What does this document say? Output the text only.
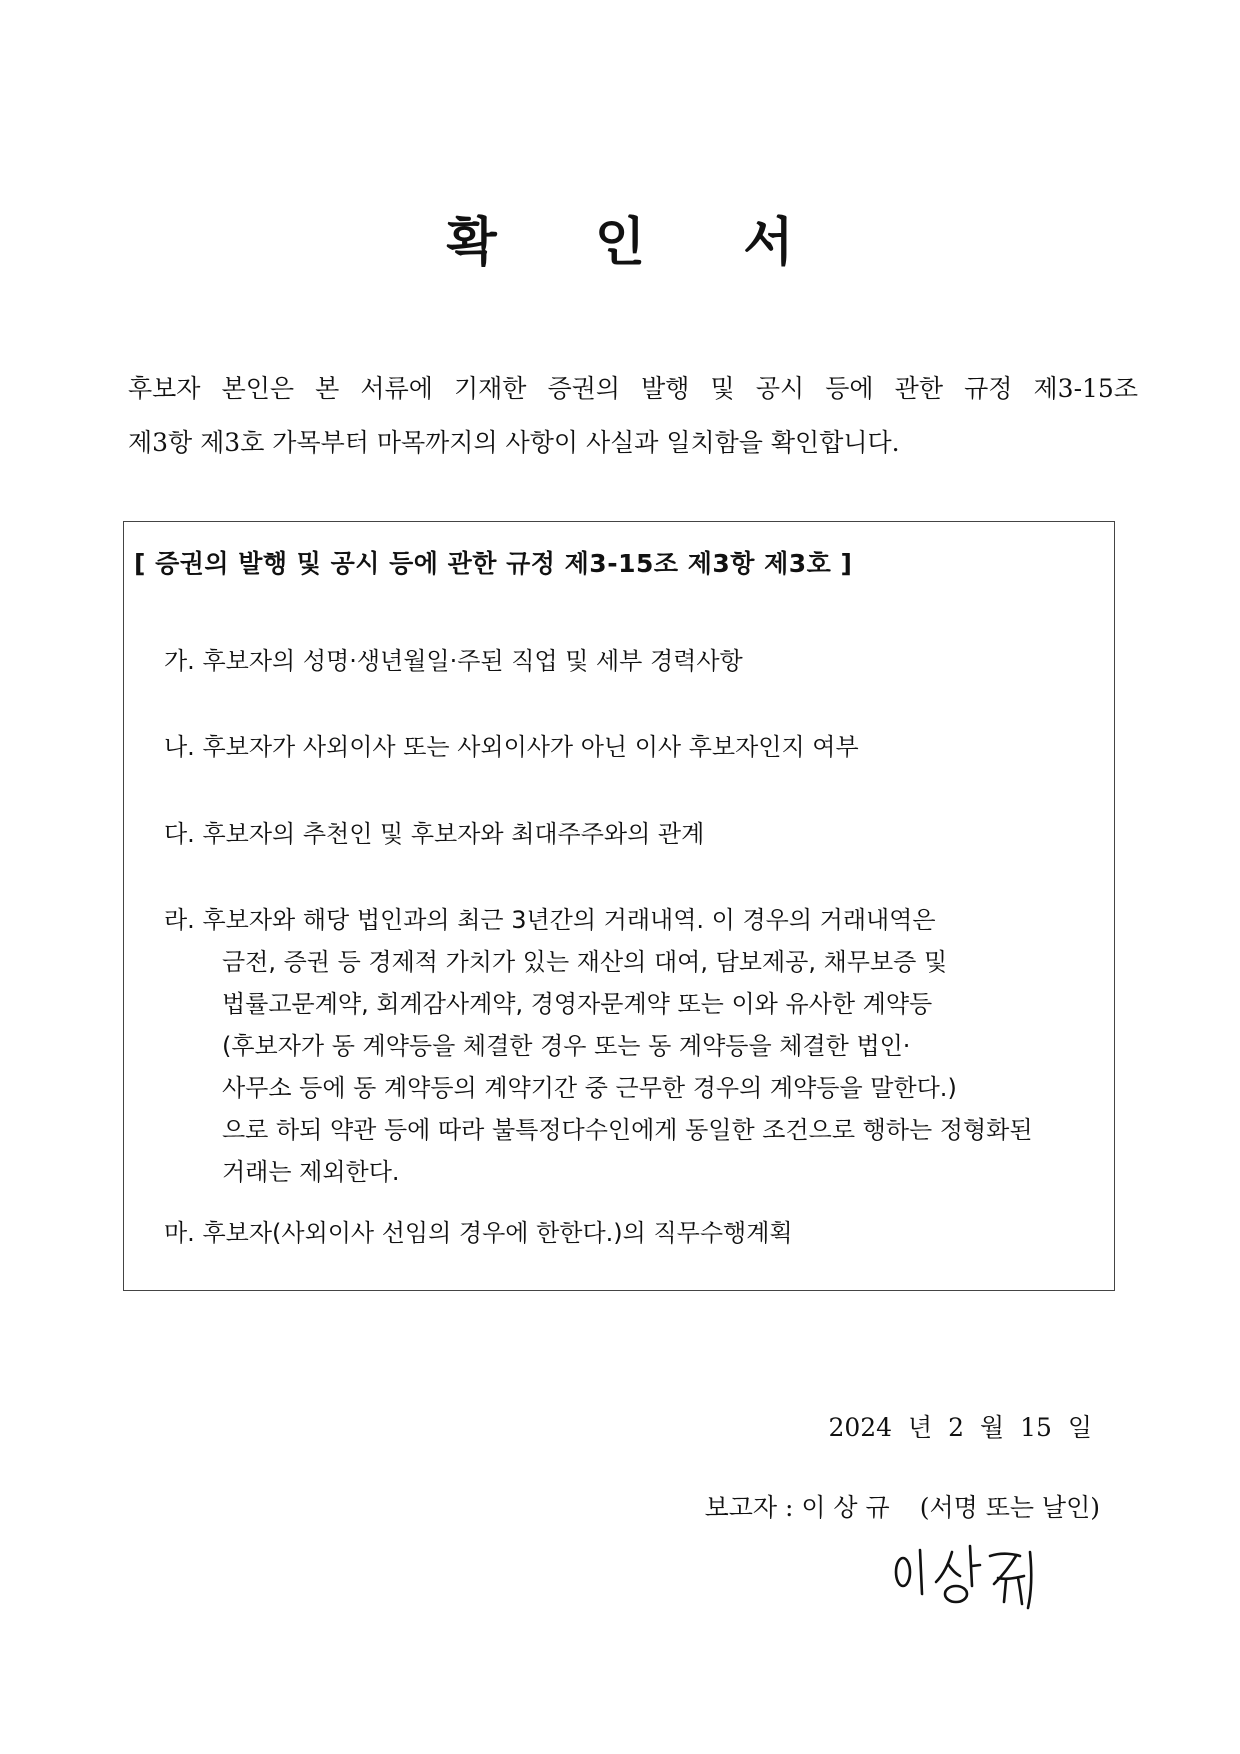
확 인 서
후보자 본인은 본 서류에 기재한 증권의 발행 및 공시 등에 관한 규정 제3-15조
제3항 제3호 가목부터 마목까지의 사항이 사실과 일치함을 확인합니다.
[ 증권의 발행 및 공시 등에 관한 규정 제3-15조 제3항 제3호 ]
가. 후보자의 성명·생년월일·주된 직업 및 세부 경력사항
나. 후보자가 사외이사 또는 사외이사가 아닌 이사 후보자인지 여부
다. 후보자의 추천인 및 후보자와 최대주주와의 관계
라. 후보자와 해당 법인과의 최근 3년간의 거래내역. 이 경우의 거래내역은
금전, 증권 등 경제적 가치가 있는 재산의 대여, 담보제공, 채무보증 및
법률고문계약, 회계감사계약, 경영자문계약 또는 이와 유사한 계약등
(후보자가 동 계약등을 체결한 경우 또는 동 계약등을 체결한 법인·
사무소 등에 동 계약등의 계약기간 중 근무한 경우의 계약등을 말한다.)
으로 하되 약관 등에 따라 불특정다수인에게 동일한 조건으로 행하는 정형화된
거래는 제외한다.
마. 후보자(사외이사 선임의 경우에 한한다.)의 직무수행계획
2024 년 2 월 15 일
보고자 : 이 상 규 (서명 또는 날인)
